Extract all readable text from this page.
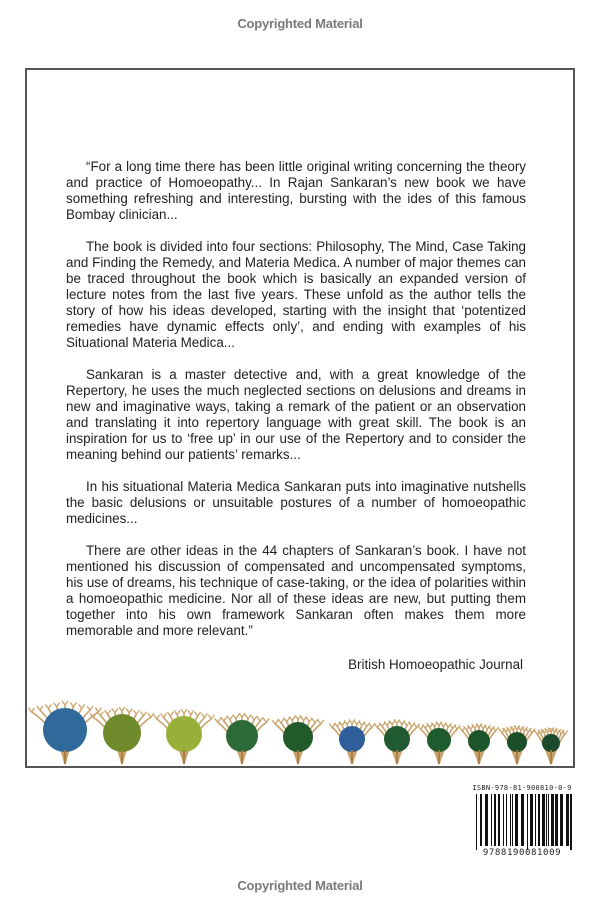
Copyrighted Material

“For a long time there has been little original writing concerning the theory and practice of Homoeopathy... In Rajan Sankaran’s new book we have something refreshing and interesting, bursting with the ides of this famous Bombay clinician...

The book is divided into four sections: Philosophy, The Mind, Case Taking and Finding the Remedy, and Materia Medica. A number of major themes can be traced throughout the book which is basically an expanded version of lecture notes from the last five years. These unfold as the author tells the story of how his ideas developed, starting with the insight that ‘potentized remedies have dynamic effects only’, and ending with examples of his Situational Materia Medica...

Sankaran is a master detective and, with a great knowledge of the Repertory, he uses the much neglected sections on delusions and dreams in new and imaginative ways, taking a remark of the patient or an observation and translating it into repertory language with great skill. The book is an inspiration for us to ‘free up’ in our use of the Repertory and to consider the meaning behind our patients’ remarks...

In his situational Materia Medica Sankaran puts into imaginative nutshells the basic delusions or unsuitable postures of a number of homoeopathic medicines...

There are other ideas in the 44 chapters of Sankaran’s book. I have not mentioned his discussion of compensated and uncompensated symptoms, his use of dreams, his technique of case-taking, or the idea of polarities within a homoeopathic medicine. Nor all of these ideas are new, but putting them together into his own framework Sankaran often makes them more memorable and more relevant.”

British Homoeopathic Journal
ISBN-978-81-900810-0-9
9788190081009
Copyrighted Material
